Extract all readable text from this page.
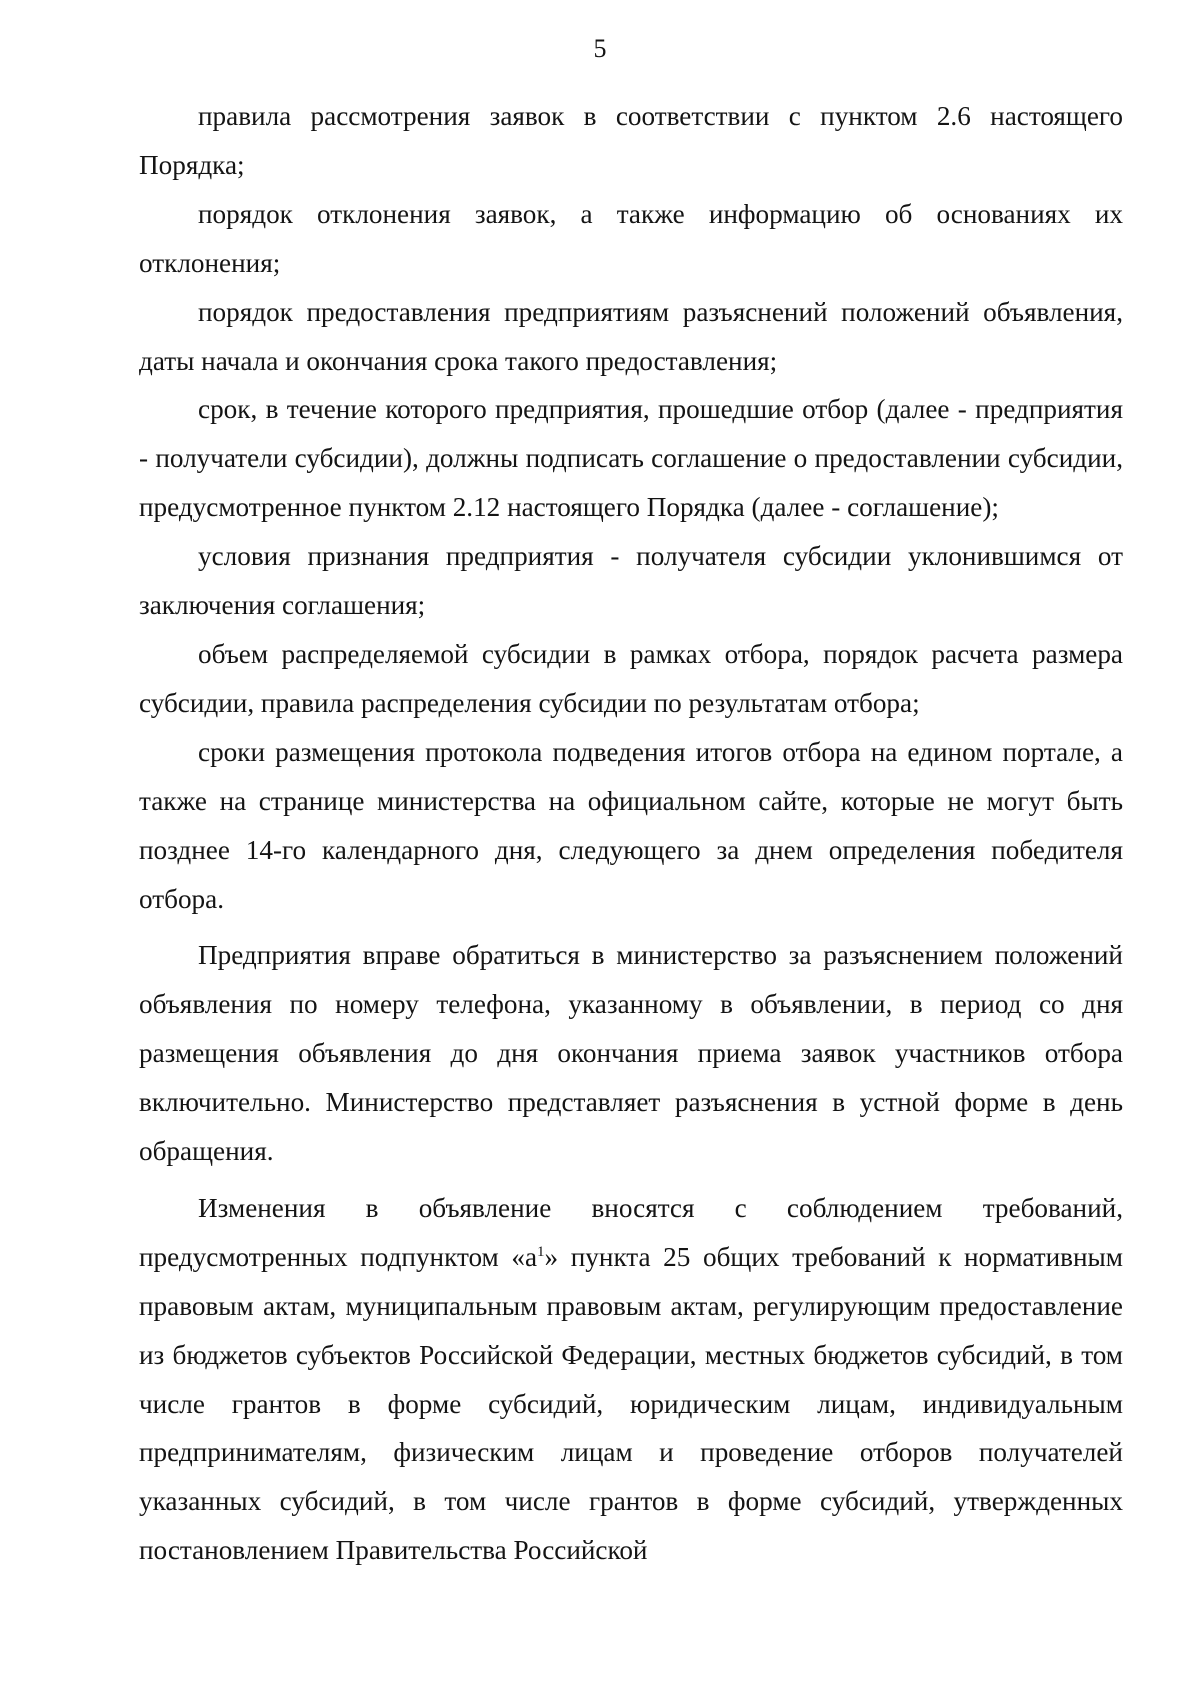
5

правила рассмотрения заявок в соответствии с пунктом 2.6 настоящего Порядка;

порядок отклонения заявок, а также информацию об основаниях их отклонения;

порядок предоставления предприятиям разъяснений положений объявления, даты начала и окончания срока такого предоставления;

срок, в течение которого предприятия, прошедшие отбор (далее - предприятия - получатели субсидии), должны подписать соглашение о предоставлении субсидии, предусмотренное пунктом 2.12 настоящего Порядка (далее - соглашение);

условия признания предприятия - получателя субсидии уклонившимся от заключения соглашения;

объем распределяемой субсидии в рамках отбора, порядок расчета размера субсидии, правила распределения субсидии по результатам отбора;

сроки размещения протокола подведения итогов отбора на едином портале, а также на странице министерства на официальном сайте, которые не могут быть позднее 14-го календарного дня, следующего за днем определения победителя отбора.

Предприятия вправе обратиться в министерство за разъяснением положений объявления по номеру телефона, указанному в объявлении, в период со дня размещения объявления до дня окончания приема заявок участников отбора включительно. Министерство представляет разъяснения в устной форме в день обращения.

Изменения в объявление вносятся с соблюдением требований, предусмотренных подпунктом «$а^1$» пункта 25 общих требований к нормативным правовым актам, муниципальным правовым актам, регулирующим предоставление из бюджетов субъектов Российской Федерации, местных бюджетов субсидий, в том числе грантов в форме субсидий, юридическим лицам, индивидуальным предпринимателям, физическим лицам и проведение отборов получателей указанных субсидий, в том числе грантов в форме субсидий, утвержденных постановлением Правительства Российской
